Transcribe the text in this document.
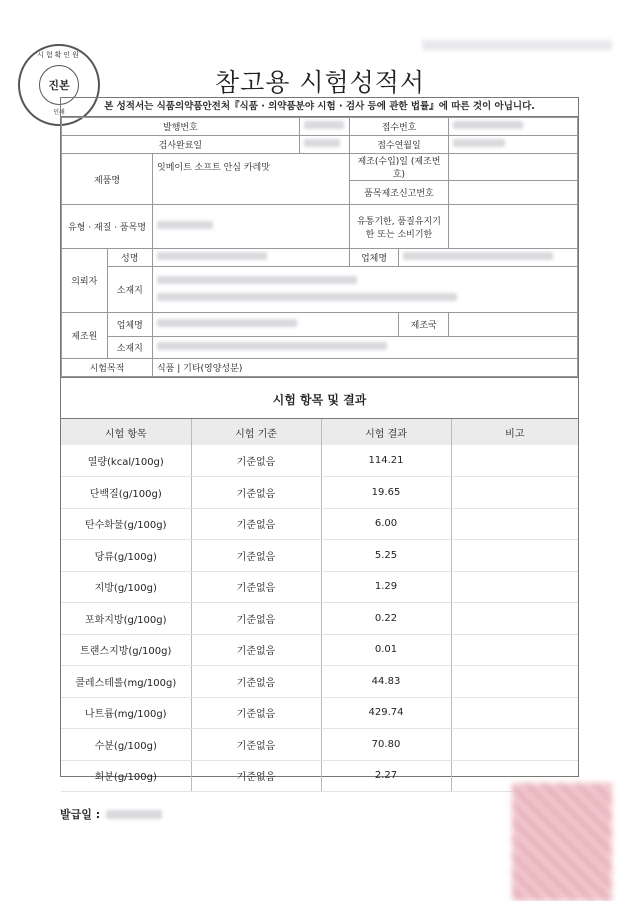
시험확인원
진본
인쇄
참고용 시험성적서
본 성적서는 식품의약품안전처『식품 · 의약품분야 시험 · 검사 등에 관한 법률』에 따른 것이 아닙니다.
발행번호				접수번호		
검사완료일				접수연월일		
제품명		잇메이트 소프트 안심 카레맛		제조(수입)일 (제조번호)		
				품목제조신고번호		
유형 · 재질 · 품목명				유통기한, 품질유지기한 또는 소비기한		
의뢰자	성명			업체명		
	소재지					

제조원	업체명				제조국	
	소재지					
시험목적		식품 | 기타(영양성분)				
시험 항목 및 결과
시험 항목	시험 기준	시험 결과	비고
열량(kcal/100g)	기준없음	114.21	
단백질(g/100g)	기준없음	19.65	
탄수화물(g/100g)	기준없음	6.00	
당류(g/100g)	기준없음	5.25	
지방(g/100g)	기준없음	1.29	
포화지방(g/100g)	기준없음	0.22	
트랜스지방(g/100g)	기준없음	0.01	
콜레스테롤(mg/100g)	기준없음	44.83	
나트륨(mg/100g)	기준없음	429.74	
수분(g/100g)	기준없음	70.80	
회분(g/100g)	기준없음	2.27	
발급일 :
